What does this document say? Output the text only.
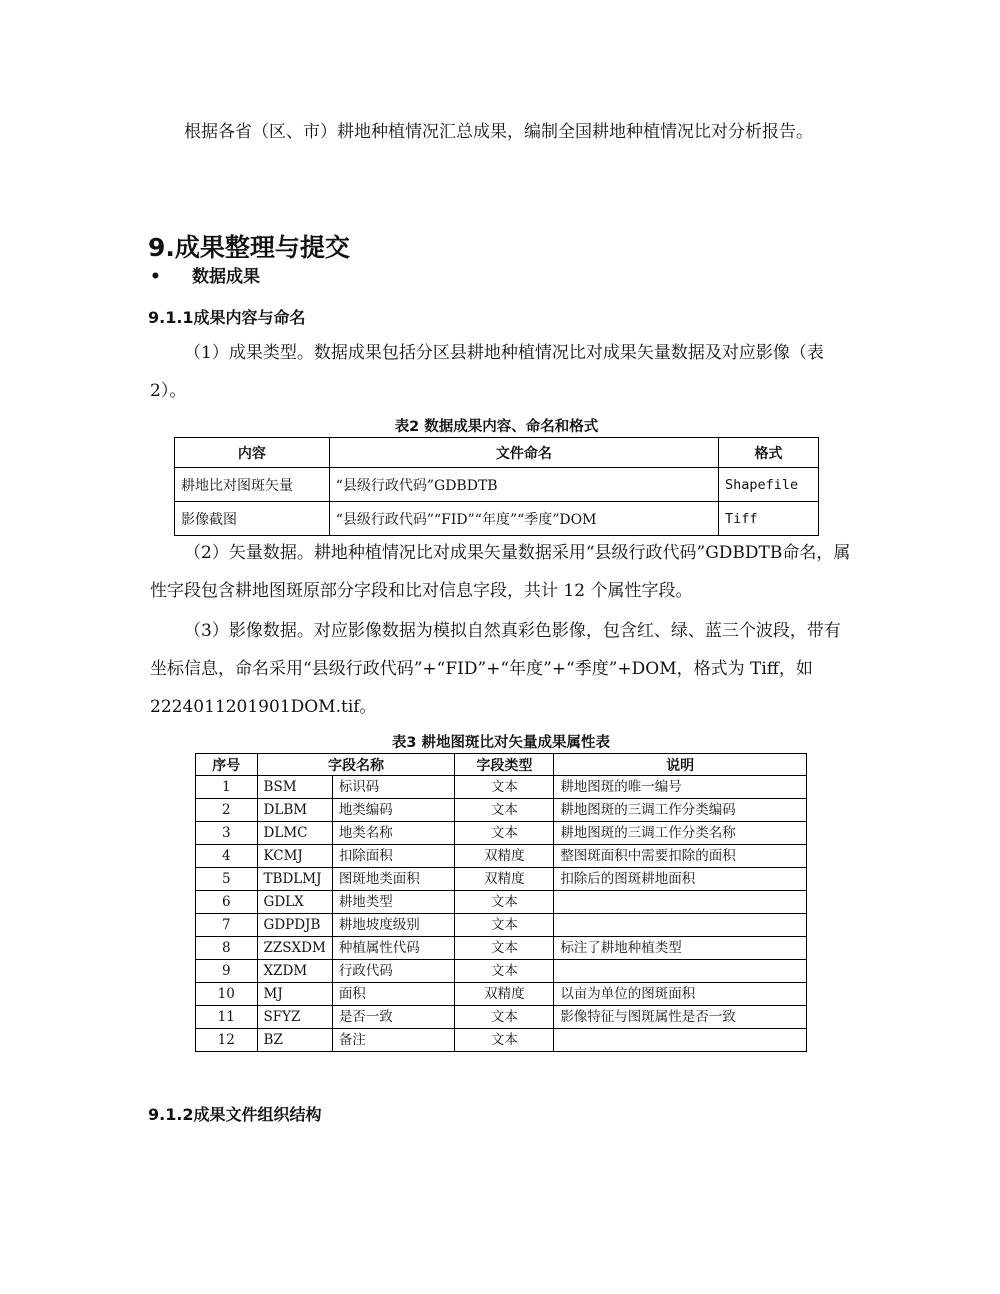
根据各省（区、市）耕地种植情况汇总成果，编制全国耕地种植情况比对分析报告。

9.成果整理与提交
• 数据成果
9.1.1成果内容与命名

（1）成果类型。数据成果包括分区县耕地种植情况比对成果矢量数据及对应影像（表 2）。

表2 数据成果内容、命名和格式
内容	文件命名	格式
耕地比对图斑矢量	“县级行政代码”GDBDTB	Shapefile
影像截图	“县级行政代码”“FID”“年度”“季度”DOM	Tiff

（2）矢量数据。耕地种植情况比对成果矢量数据采用“县级行政代码”GDBDTB命名，属性字段包含耕地图斑原部分字段和比对信息字段，共计 12 个属性字段。

（3）影像数据。对应影像数据为模拟自然真彩色影像，包含红、绿、蓝三个波段，带有坐标信息，命名采用“县级行政代码”+“FID”+“年度”+“季度”+DOM，格式为 Tiff，如 2224011201901DOM.tif。

表3 耕地图斑比对矢量成果属性表
序号	字段名称		字段类型	说明
1	BSM	标识码	文本	耕地图斑的唯一编号
2	DLBM	地类编码	文本	耕地图斑的三调工作分类编码
3	DLMC	地类名称	文本	耕地图斑的三调工作分类名称
4	KCMJ	扣除面积	双精度	整图斑面积中需要扣除的面积
5	TBDLMJ	图斑地类面积	双精度	扣除后的图斑耕地面积
6	GDLX	耕地类型	文本	
7	GDPDJB	耕地坡度级别	文本	
8	ZZSXDM	种植属性代码	文本	标注了耕地种植类型
9	XZDM	行政代码	文本	
10	MJ	面积	双精度	以亩为单位的图斑面积
11	SFYZ	是否一致	文本	影像特征与图斑属性是否一致
12	BZ	备注	文本	
9.1.2成果文件组织结构
